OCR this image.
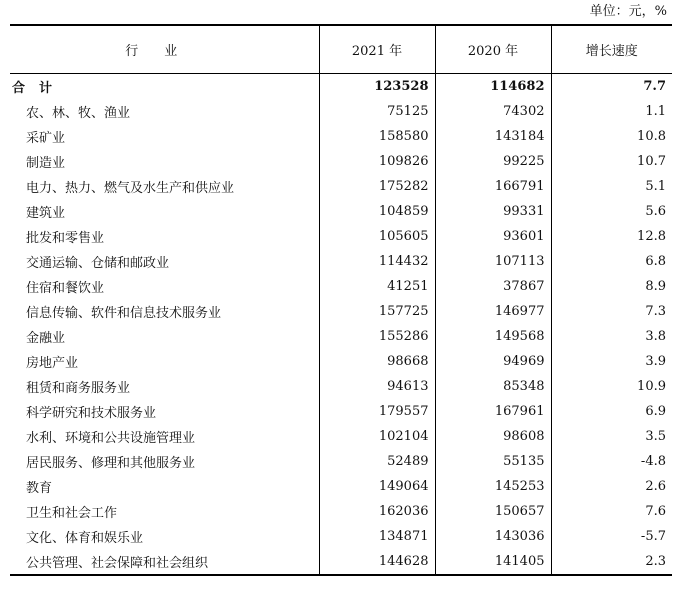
单位：元，%
行业	2021 年	2020 年	增长速度
合计	123528	114682	7.7
农、林、牧、渔业	75125	74302	1.1
采矿业	158580	143184	10.8
制造业	109826	99225	10.7
电力、热力、燃气及水生产和供应业	175282	166791	5.1
建筑业	104859	99331	5.6
批发和零售业	105605	93601	12.8
交通运输、仓储和邮政业	114432	107113	6.8
住宿和餐饮业	41251	37867	8.9
信息传输、软件和信息技术服务业	157725	146977	7.3
金融业	155286	149568	3.8
房地产业	98668	94969	3.9
租赁和商务服务业	94613	85348	10.9
科学研究和技术服务业	179557	167961	6.9
水利、环境和公共设施管理业	102104	98608	3.5
居民服务、修理和其他服务业	52489	55135	-4.8
教育	149064	145253	2.6
卫生和社会工作	162036	150657	7.6
文化、体育和娱乐业	134871	143036	-5.7
公共管理、社会保障和社会组织	144628	141405	2.3
